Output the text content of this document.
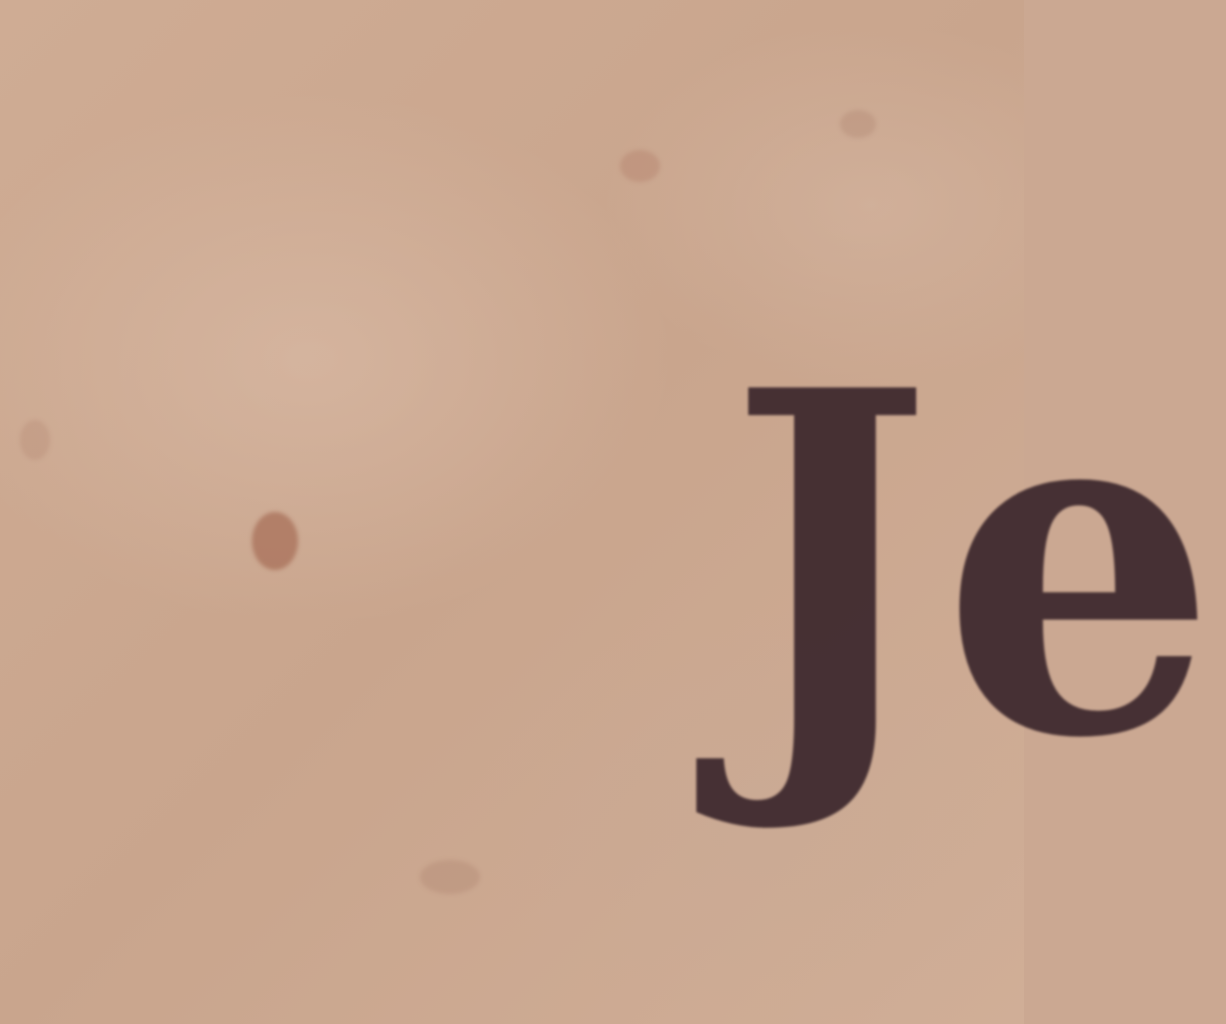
Je
